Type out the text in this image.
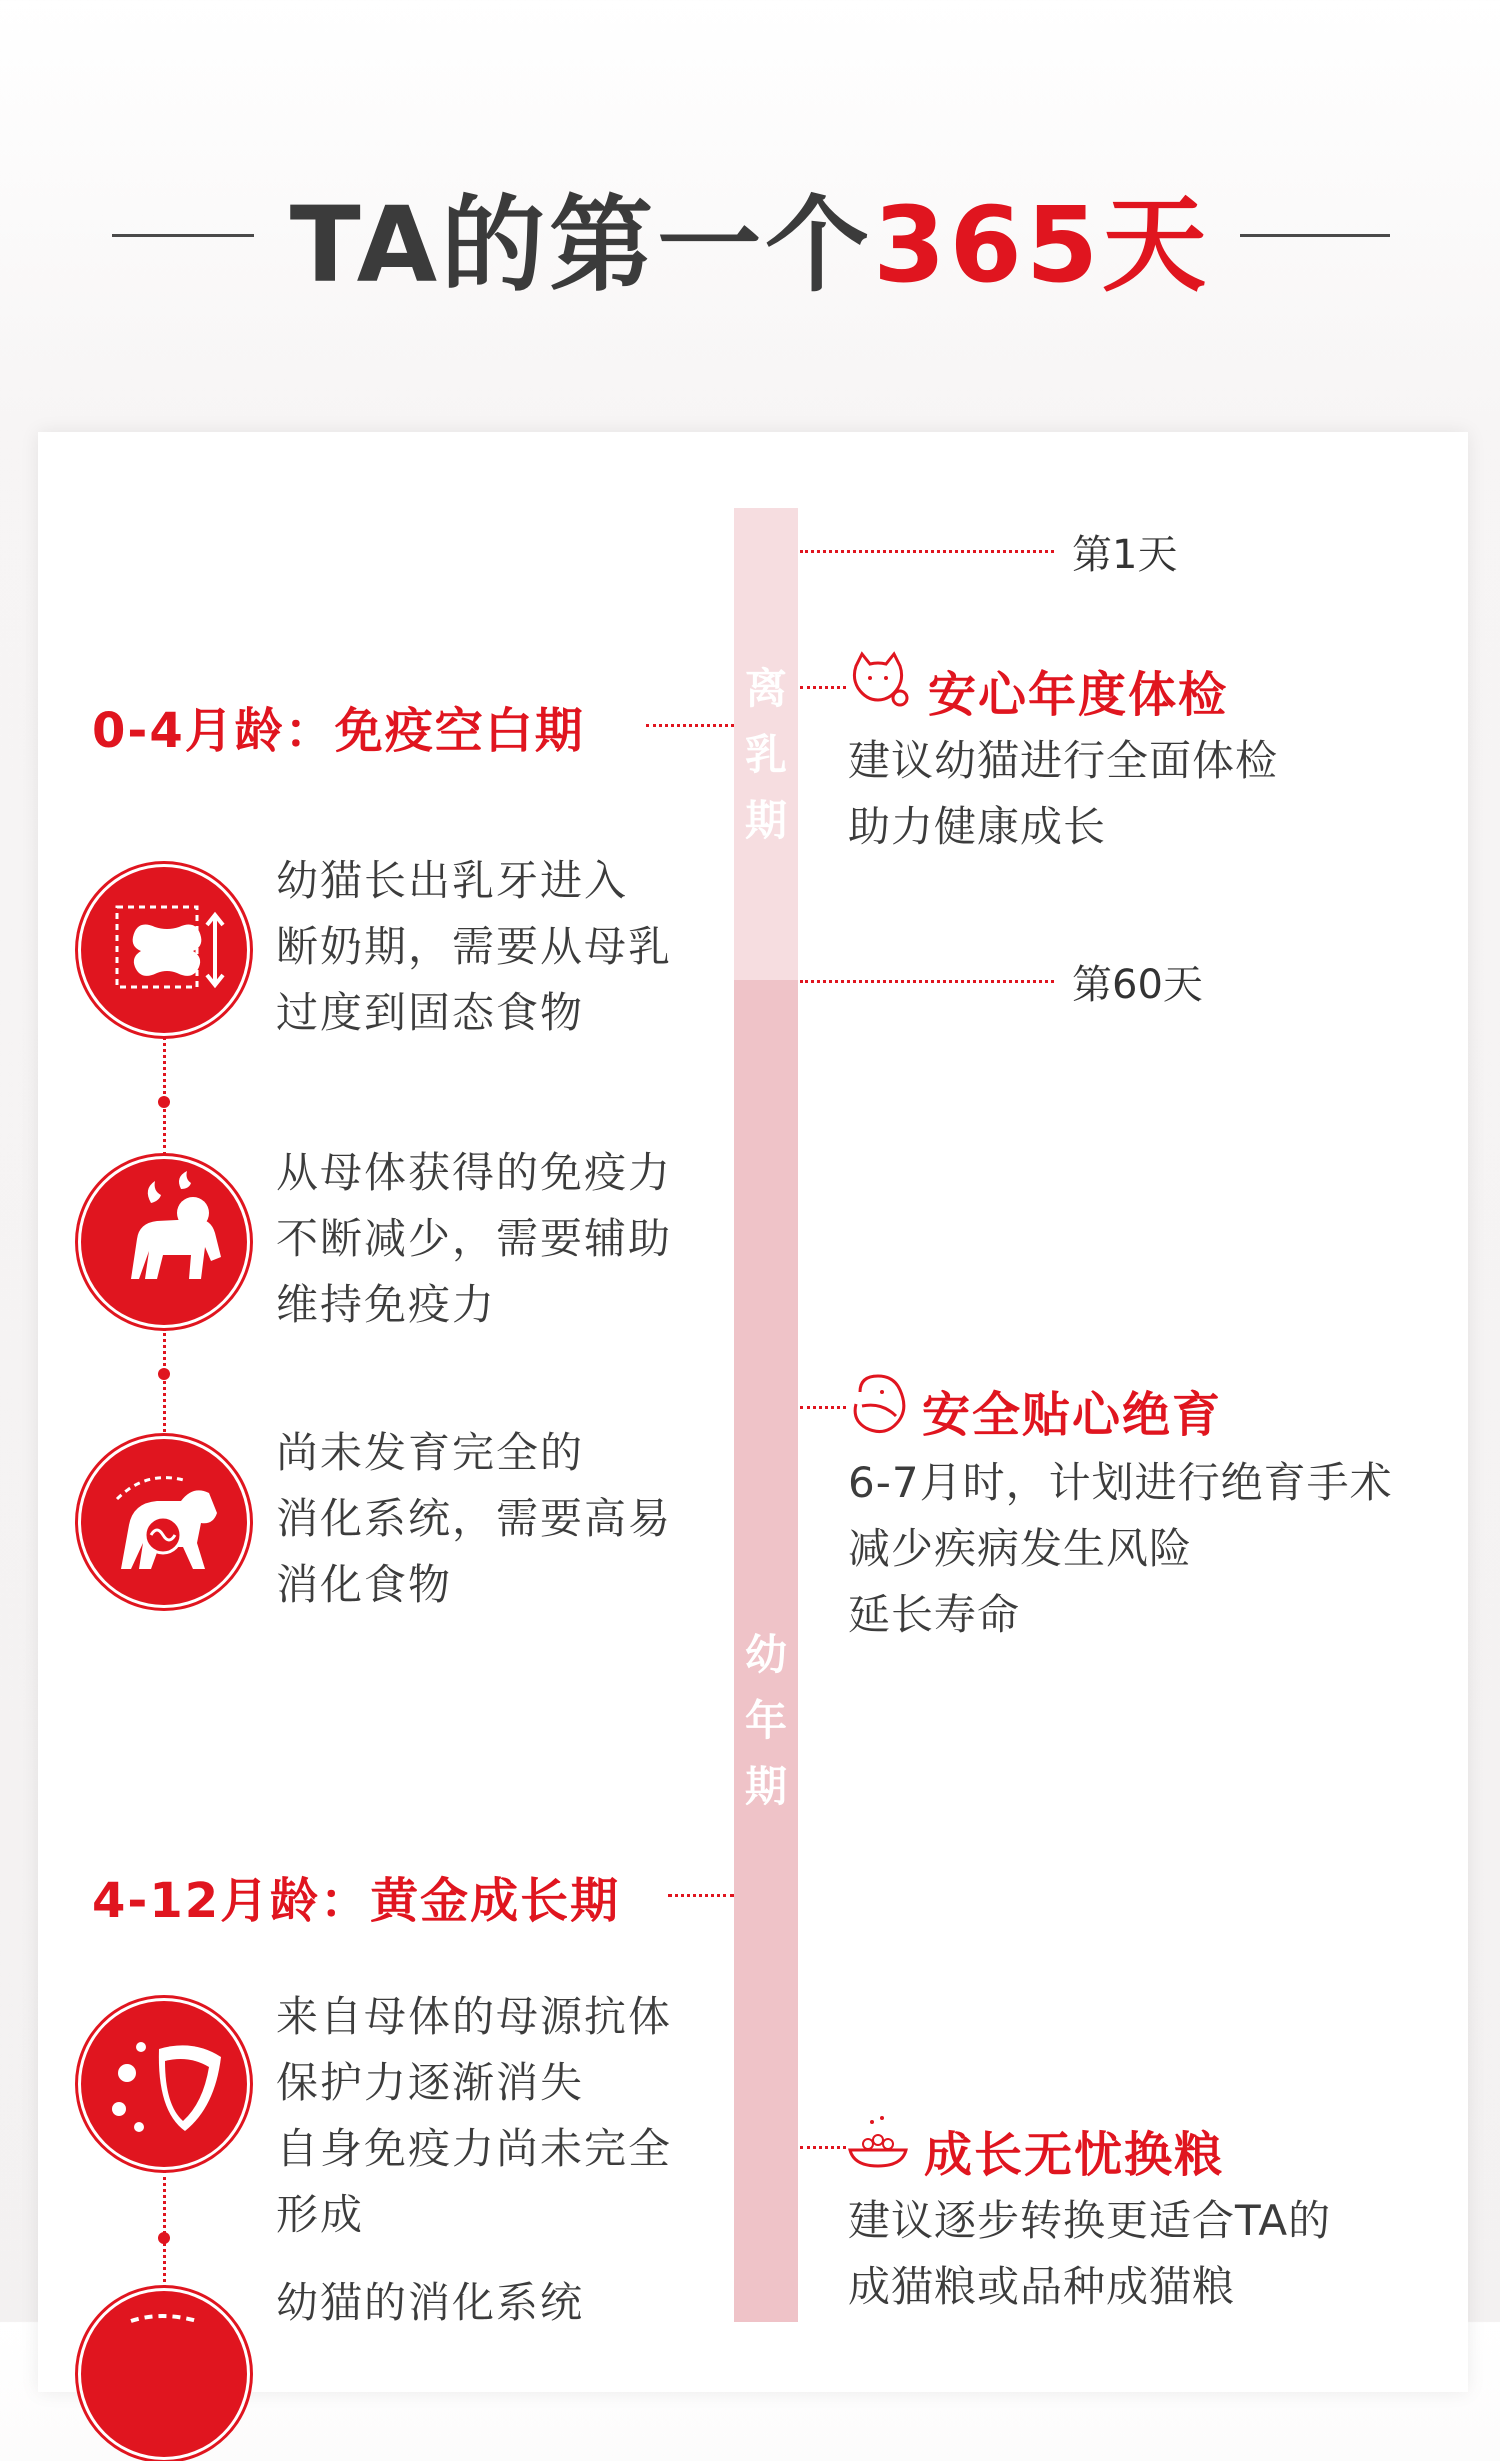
TA的第一个365天
离
乳
期
幼
年
期
第1天
第60天
0-4月龄：免疫空白期
幼猫长出乳牙进入
断奶期，需要从母乳
过度到固态食物
从母体获得的免疫力
不断减少，需要辅助
维持免疫力
尚未发育完全的
消化系统，需要高易
消化食物
4-12月龄：黄金成长期
来自母体的母源抗体
保护力逐渐消失
自身免疫力尚未完全
形成
幼猫的消化系统
安心年度体检
建议幼猫进行全面体检
助力健康成长
安全贴心绝育
6-7月时，计划进行绝育手术
减少疾病发生风险
延长寿命
成长无忧换粮
建议逐步转换更适合TA的
成猫粮或品种成猫粮
